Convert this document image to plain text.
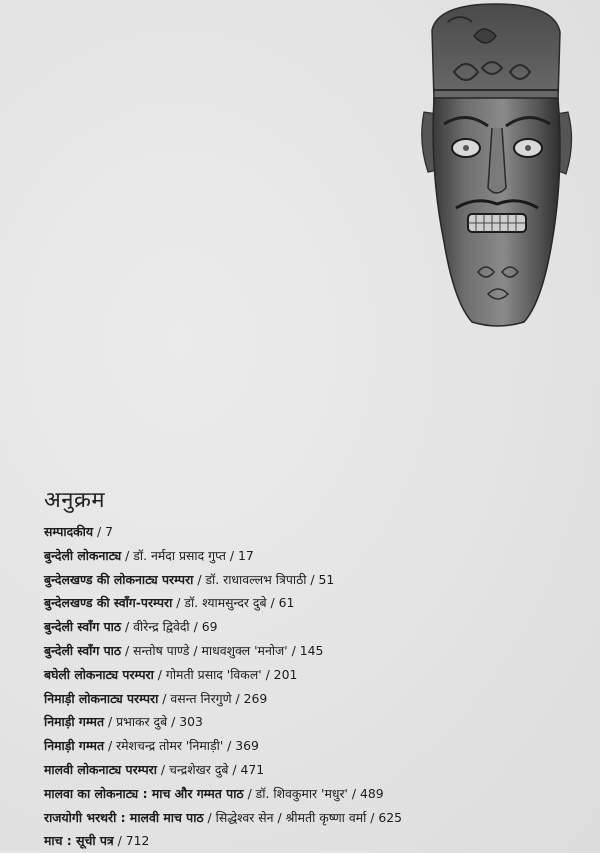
अनुक्रम
सम्पादकीय / 7
बुन्देली लोकनाट्य / डॉ. नर्मदा प्रसाद गुप्त / 17
बुन्देलखण्ड की लोकनाट्य परम्परा / डॉ. राधावल्लभ त्रिपाठी / 51
बुन्देलखण्ड की स्वाँग-परम्परा / डॉ. श्यामसुन्दर दुबे / 61
बुन्देली स्वाँग पाठ / वीरेन्द्र द्विवेदी / 69
बुन्देली स्वाँग पाठ / सन्तोष पाण्डे / माधवशुक्ल 'मनोज' / 145
बघेली लोकनाट्य परम्परा / गोमती प्रसाद 'विकल' / 201
निमाड़ी लोकनाट्य परम्परा / वसन्त निरगुणे / 269
निमाड़ी गम्मत / प्रभाकर दुबे / 303
निमाड़ी गम्मत / रमेशचन्द्र तोमर 'निमाड़ी' / 369
मालवी लोकनाट्य परम्परा / चन्द्रशेखर दुबे / 471
मालवा का लोकनाट्य : माच और गम्मत पाठ / डॉ. शिवकुमार 'मधुर' / 489
राजयोगी भरथरी : मालवी माच पाठ / सिद्धेश्वर सेन / श्रीमती कृष्णा वर्मा / 625
माच : सूची पत्र / 712
